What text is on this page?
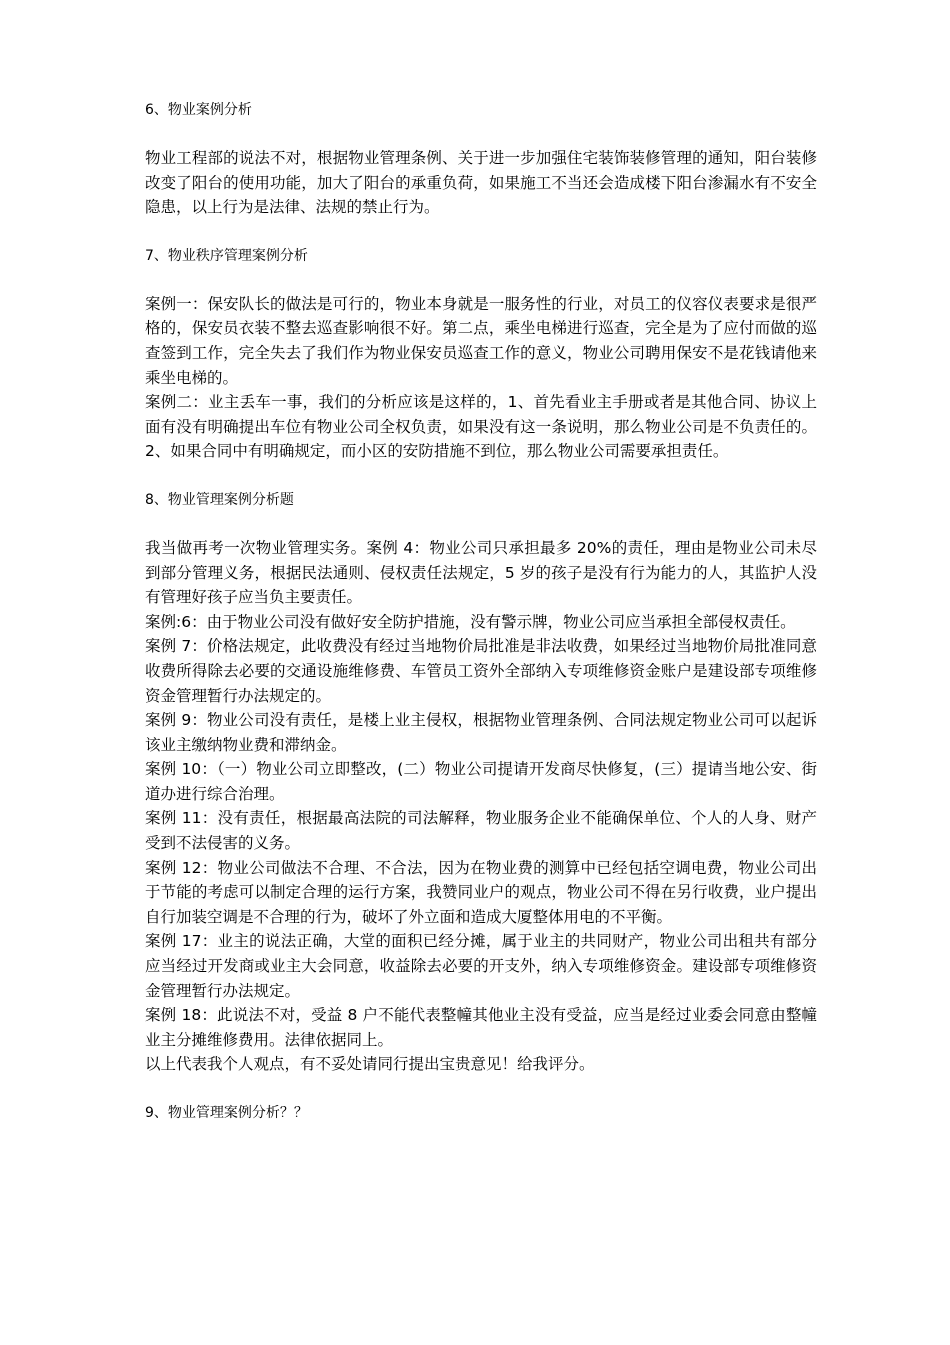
6、物业案例分析

物业工程部的说法不对，根据物业管理条例、关于进一步加强住宅装饰装修管理的通知，阳台装修改变了阳台的使用功能，加大了阳台的承重负荷，如果施工不当还会造成楼下阳台渗漏水有不安全隐患，以上行为是法律、法规的禁止行为。

7、物业秩序管理案例分析

案例一：保安队长的做法是可行的，物业本身就是一服务性的行业，对员工的仪容仪表要求是很严格的，保安员衣装不整去巡查影响很不好。第二点，乘坐电梯进行巡查，完全是为了应付而做的巡查签到工作，完全失去了我们作为物业保安员巡查工作的意义，物业公司聘用保安不是花钱请他来乘坐电梯的。

案例二：业主丢车一事，我们的分析应该是这样的，1、首先看业主手册或者是其他合同、协议上面有没有明确提出车位有物业公司全权负责，如果没有这一条说明，那么物业公司是不负责任的。2、如果合同中有明确规定，而小区的安防措施不到位，那么物业公司需要承担责任。

8、物业管理案例分析题

我当做再考一次物业管理实务。案例 4：物业公司只承担最多 20%的责任，理由是物业公司未尽到部分管理义务，根据民法通则、侵权责任法规定，5 岁的孩子是没有行为能力的人，其监护人没有管理好孩子应当负主要责任。

案例:6：由于物业公司没有做好安全防护措施，没有警示牌，物业公司应当承担全部侵权责任。

案例 7：价格法规定，此收费没有经过当地物价局批准是非法收费，如果经过当地物价局批准同意收费所得除去必要的交通设施维修费、车管员工资外全部纳入专项维修资金账户是建设部专项维修资金管理暂行办法规定的。

案例 9：物业公司没有责任，是楼上业主侵权，根据物业管理条例、合同法规定物业公司可以起诉该业主缴纳物业费和滞纳金。

案例 10：（一）物业公司立即整改，(二）物业公司提请开发商尽快修复，(三）提请当地公安、街道办进行综合治理。

案例 11：没有责任，根据最高法院的司法解释，物业服务企业不能确保单位、个人的人身、财产受到不法侵害的义务。

案例 12：物业公司做法不合理、不合法，因为在物业费的测算中已经包括空调电费，物业公司出于节能的考虑可以制定合理的运行方案，我赞同业户的观点，物业公司不得在另行收费，业户提出自行加装空调是不合理的行为，破坏了外立面和造成大厦整体用电的不平衡。

案例 17：业主的说法正确，大堂的面积已经分摊，属于业主的共同财产，物业公司出租共有部分应当经过开发商或业主大会同意，收益除去必要的开支外，纳入专项维修资金。建设部专项维修资金管理暂行办法规定。

案例 18：此说法不对，受益 8 户不能代表整幢其他业主没有受益，应当是经过业委会同意由整幢业主分摊维修费用。法律依据同上。

以上代表我个人观点，有不妥处请同行提出宝贵意见！给我评分。

9、物业管理案例分析？？
